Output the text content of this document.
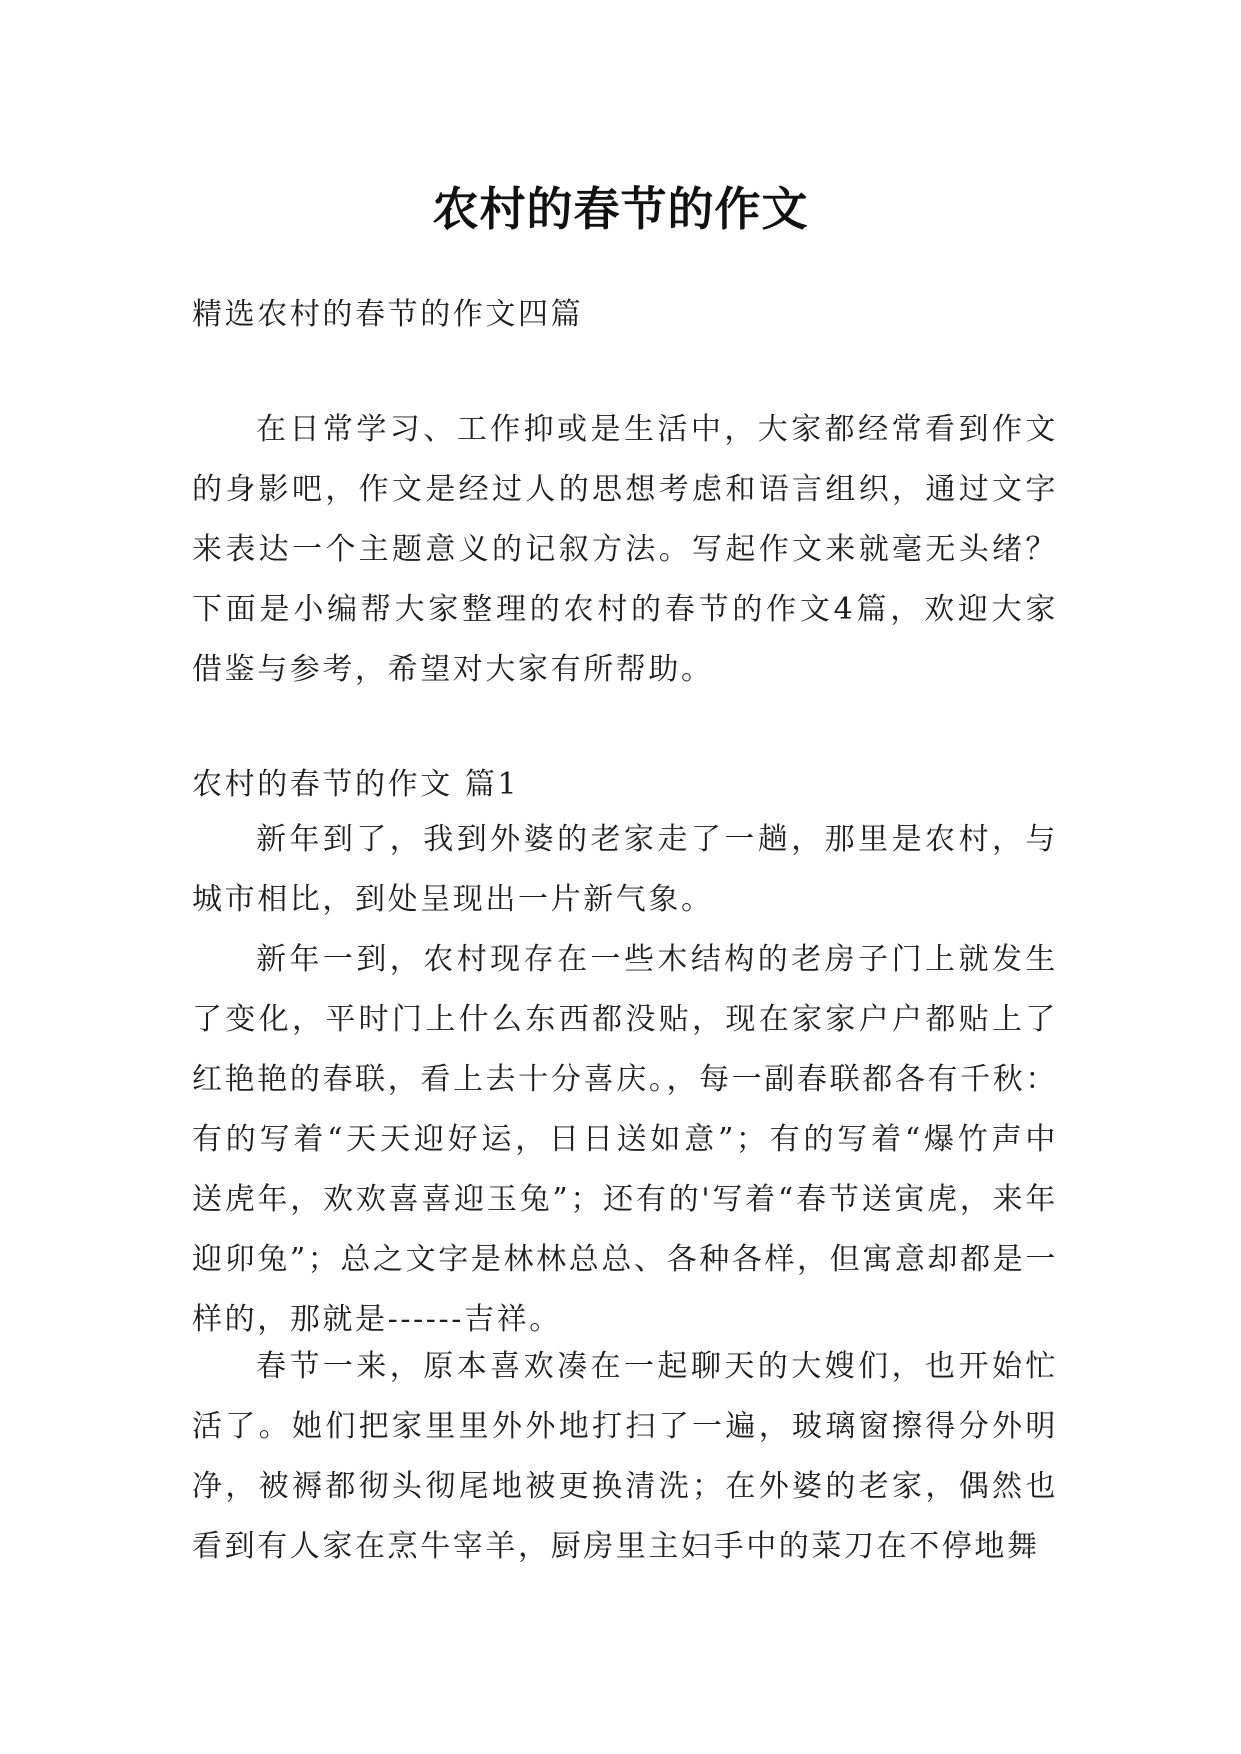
农村的春节的作文

精选农村的春节的作文四篇

在日常学习、工作抑或是生活中，大家都经常看到作文的身影吧，作文是经过人的思想考虑和语言组织，通过文字来表达一个主题意义的记叙方法。写起作文来就毫无头绪？下面是小编帮大家整理的农村的春节的作文4篇，欢迎大家借鉴与参考，希望对大家有所帮助。

农村的春节的作文 篇1

新年到了，我到外婆的老家走了一趟，那里是农村，与城市相比，到处呈现出一片新气象。

新年一到，农村现存在一些木结构的老房子门上就发生了变化，平时门上什么东西都没贴，现在家家户户都贴上了红艳艳的春联，看上去十分喜庆。，每一副春联都各有千秋：有的写着“天天迎好运，日日送如意”；有的写着“爆竹声中送虎年，欢欢喜喜迎玉兔”；还有的'写着“春节送寅虎，来年迎卯兔”；总之文字是林林总总、各种各样，但寓意却都是一样的，那就是------吉祥。

春节一来，原本喜欢凑在一起聊天的大嫂们，也开始忙活了。她们把家里里外外地打扫了一遍，玻璃窗擦得分外明净，被褥都彻头彻尾地被更换清洗；在外婆的老家，偶然也看到有人家在烹牛宰羊，厨房里主妇手中的菜刀在不停地舞
